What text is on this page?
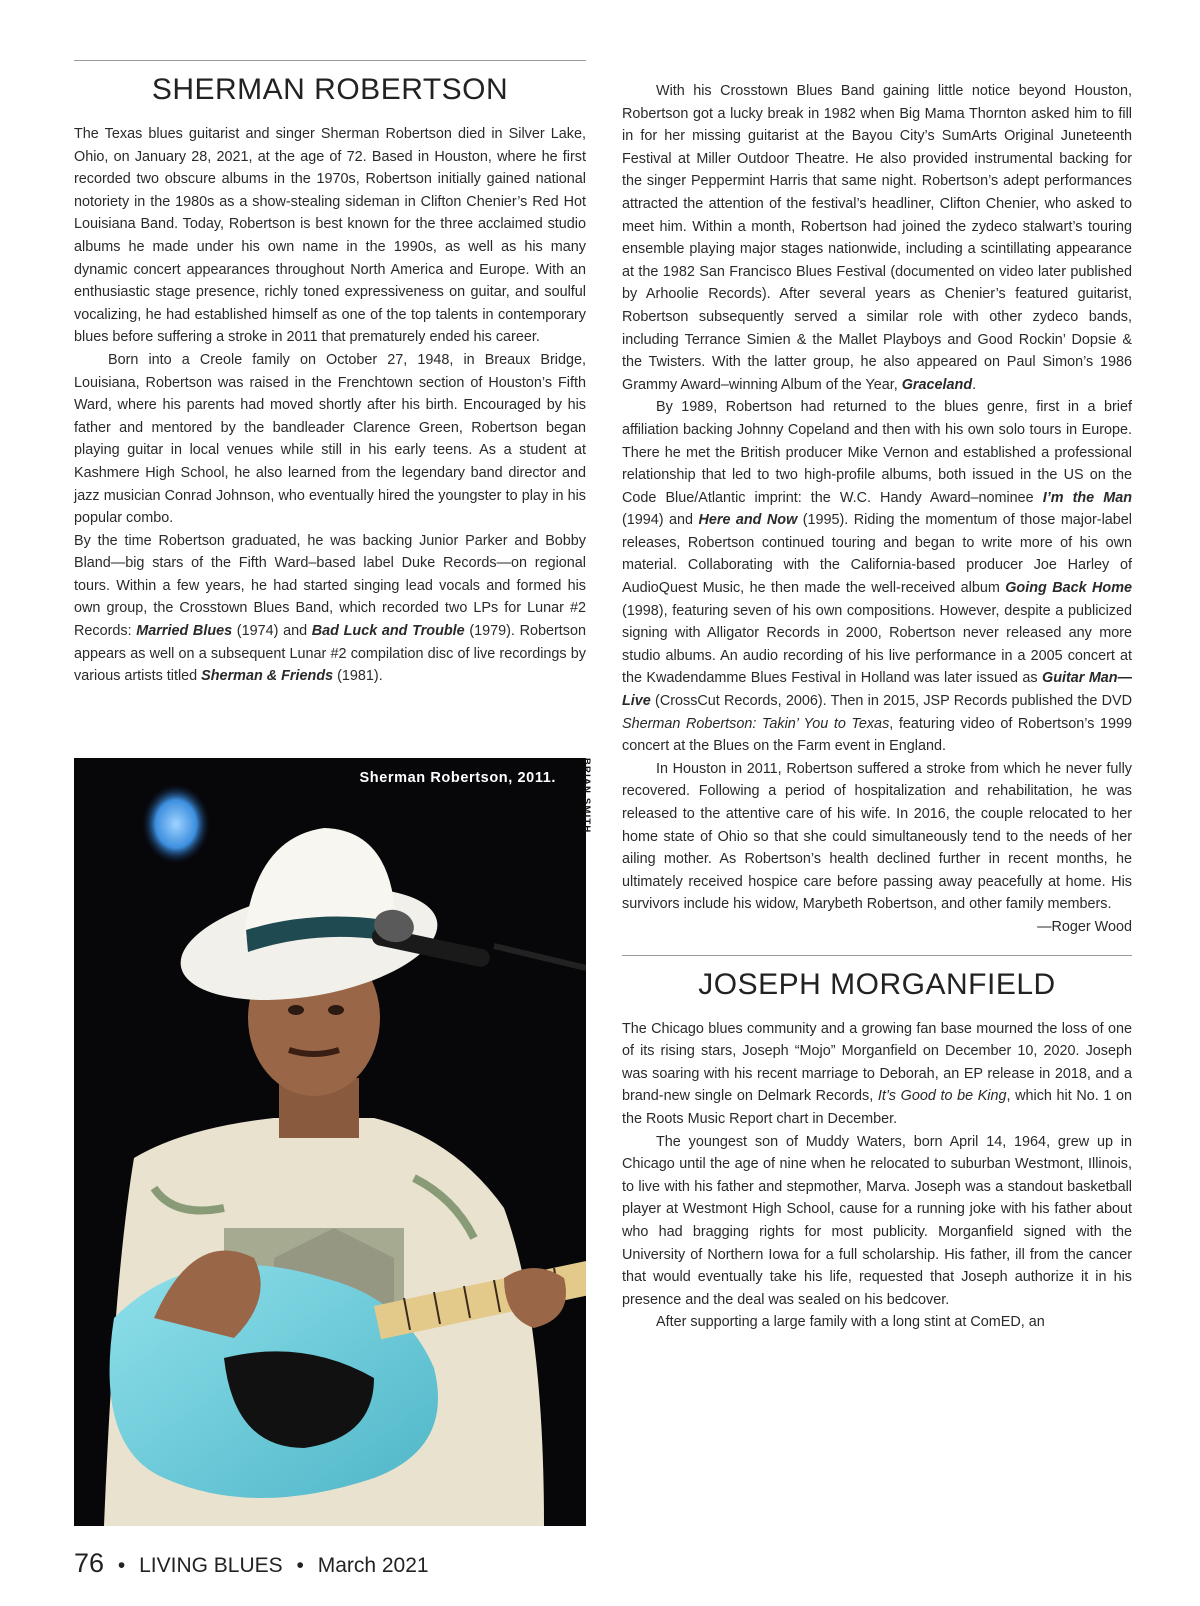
SHERMAN ROBERTSON

The Texas blues guitarist and singer Sherman Robertson died in Silver Lake, Ohio, on January 28, 2021, at the age of 72. Based in Houston, where he first recorded two obscure albums in the 1970s, Robertson initially gained national notoriety in the 1980s as a show-stealing sideman in Clifton Chenier’s Red Hot Louisiana Band. Today, Robertson is best known for the three acclaimed studio albums he made under his own name in the 1990s, as well as his many dynamic concert appearances throughout North America and Europe. With an enthusiastic stage presence, richly toned expressiveness on guitar, and soulful vocalizing, he had established himself as one of the top talents in contemporary blues before suffering a stroke in 2011 that prematurely ended his career.

Born into a Creole family on October 27, 1948, in Breaux Bridge, Louisiana, Robertson was raised in the Frenchtown section of Houston’s Fifth Ward, where his parents had moved shortly after his birth. Encouraged by his father and mentored by the bandleader Clarence Green, Robertson began playing guitar in local venues while still in his early teens. As a student at Kashmere High School, he also learned from the legendary band director and jazz musician Conrad Johnson, who eventually hired the youngster to play in his popular combo.

By the time Robertson graduated, he was backing Junior Parker and Bobby Bland—big stars of the Fifth Ward–based label Duke Records—on regional tours. Within a few years, he had started singing lead vocals and formed his own group, the Crosstown Blues Band, which recorded two LPs for Lunar #2 Records: Married Blues (1974) and Bad Luck and Trouble (1979). Robertson appears as well on a subsequent Lunar #2 compilation disc of live recordings by various artists titled Sherman & Friends (1981).

Sherman Robertson, 2011.	BRIAN SMITH

With his Crosstown Blues Band gaining little notice beyond Houston, Robertson got a lucky break in 1982 when Big Mama Thornton asked him to fill in for her missing guitarist at the Bayou City’s SumArts Original Juneteenth Festival at Miller Outdoor Theatre. He also provided instrumental backing for the singer Peppermint Harris that same night. Robertson’s adept performances attracted the attention of the festival’s headliner, Clifton Chenier, who asked to meet him. Within a month, Robertson had joined the zydeco stalwart’s touring ensemble playing major stages nationwide, including a scintillating appearance at the 1982 San Francisco Blues Festival (documented on video later published by Arhoolie Records). After several years as Chenier’s featured guitarist, Robertson subsequently served a similar role with other zydeco bands, including Terrance Simien & the Mallet Playboys and Good Rockin’ Dopsie & the Twisters. With the latter group, he also appeared on Paul Simon’s 1986 Grammy Award–winning Album of the Year, Graceland.

By 1989, Robertson had returned to the blues genre, first in a brief affiliation backing Johnny Copeland and then with his own solo tours in Europe. There he met the British producer Mike Vernon and established a professional relationship that led to two high-profile albums, both issued in the US on the Code Blue/Atlantic imprint: the W.C. Handy Award–nominee I’m the Man (1994) and Here and Now (1995). Riding the momentum of those major-label releases, Robertson continued touring and began to write more of his own material. Collaborating with the California-based producer Joe Harley of AudioQuest Music, he then made the well-received album Going Back Home (1998), featuring seven of his own compositions. However, despite a publicized signing with Alligator Records in 2000, Robertson never released any more studio albums. An audio recording of his live performance in a 2005 concert at the Kwadendamme Blues Festival in Holland was later issued as Guitar Man—Live (CrossCut Records, 2006). Then in 2015, JSP Records published the DVD Sherman Robertson: Takin’ You to Texas, featuring video of Robertson’s 1999 concert at the Blues on the Farm event in England.

In Houston in 2011, Robertson suffered a stroke from which he never fully recovered. Following a period of hospitalization and rehabilitation, he was released to the attentive care of his wife. In 2016, the couple relocated to her home state of Ohio so that she could simultaneously tend to the needs of her ailing mother. As Robertson’s health declined further in recent months, he ultimately received hospice care before passing away peacefully at home. His survivors include his widow, Marybeth Robertson, and other family members.

—Roger Wood

JOSEPH MORGANFIELD

The Chicago blues community and a growing fan base mourned the loss of one of its rising stars, Joseph “Mojo” Morganfield on December 10, 2020. Joseph was soaring with his recent marriage to Deborah, an EP release in 2018, and a brand-new single on Delmark Records, It’s Good to be King, which hit No. 1 on the Roots Music Report chart in December.

The youngest son of Muddy Waters, born April 14, 1964, grew up in Chicago until the age of nine when he relocated to suburban Westmont, Illinois, to live with his father and stepmother, Marva. Joseph was a standout basketball player at Westmont High School, cause for a running joke with his father about who had bragging rights for most publicity. Morganfield signed with the University of Northern Iowa for a full scholarship. His father, ill from the cancer that would eventually take his life, requested that Joseph authorize it in his presence and the deal was sealed on his bedcover.

After supporting a large family with a long stint at ComED, an

76 • LIVING BLUES • March 2021
